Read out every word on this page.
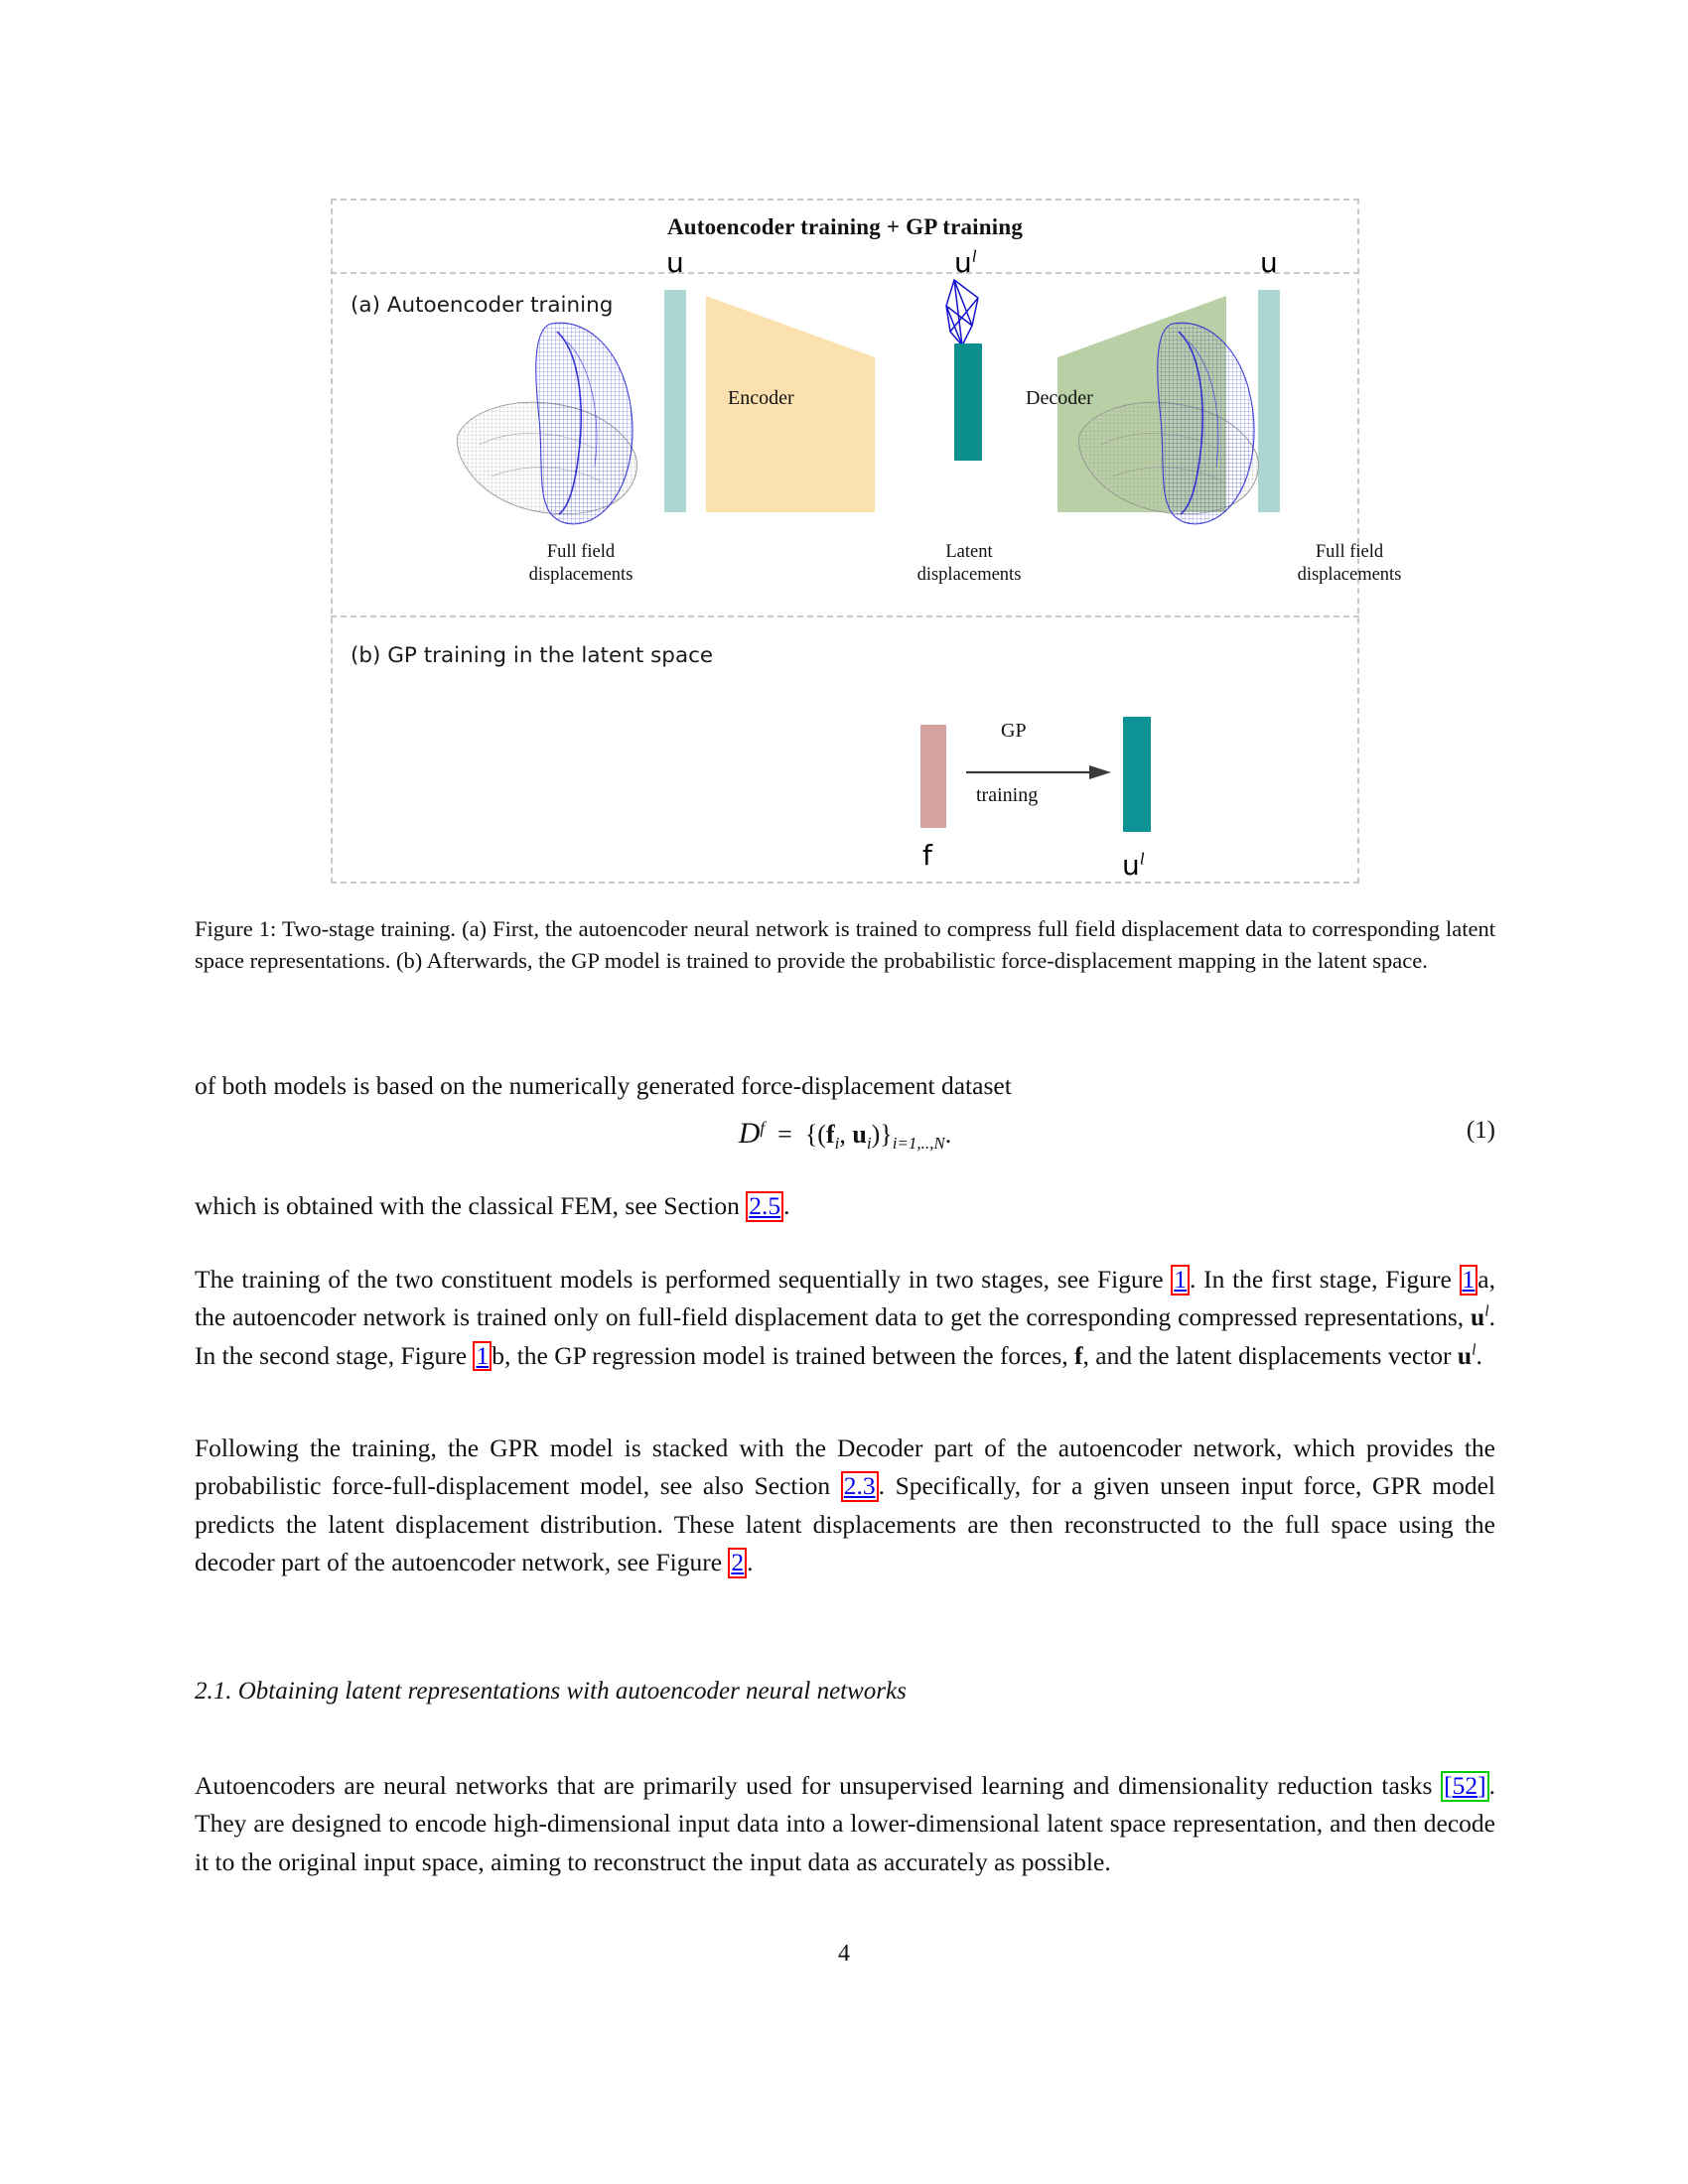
Autoencoder training + GP training
(a) Autoencoder training
(b) GP training in the latent space
u
Encoder
$u^l$
Decoder
u
Full field
displacements
Latent
displacements
Full field
displacements
f
GP
training
$u^l$
Figure 1: Two-stage training. (a) First, the autoencoder neural network is trained to compress full field displacement data to corresponding latent space representations. (b) Afterwards, the GP model is trained to provide the probabilistic force-displacement mapping in the latent space.
of both models is based on the numerically generated force-displacement dataset
$D^f = \{(f_i$, $u_i)\}_{i=1,..,N}$.	(1)
which is obtained with the classical FEM, see Section 2.5 .
The training of the two constituent models is performed sequentially in two stages, see Figure 1 . In the first stage, Figure 1 a, the autoencoder network is trained only on full-field displacement data to get the corresponding compressed representations, $u^l$. In the second stage, Figure 1 b, the GP regression model is trained between the forces, f, and the latent displacements vector $u^l$.
Following the training, the GPR model is stacked with the Decoder part of the autoencoder network, which provides the probabilistic force-full-displacement model, see also Section 2.3 . Specifically, for a given unseen input force, GPR model predicts the latent displacement distribution. These latent displacements are then reconstructed to the full space using the decoder part of the autoencoder network, see Figure 2 .
2.1. Obtaining latent representations with autoencoder neural networks
Autoencoders are neural networks that are primarily used for unsupervised learning and dimensionality reduction tasks [52] . They are designed to encode high-dimensional input data into a lower-dimensional latent space representation, and then decode it to the original input space, aiming to reconstruct the input data as accurately as possible.
4
